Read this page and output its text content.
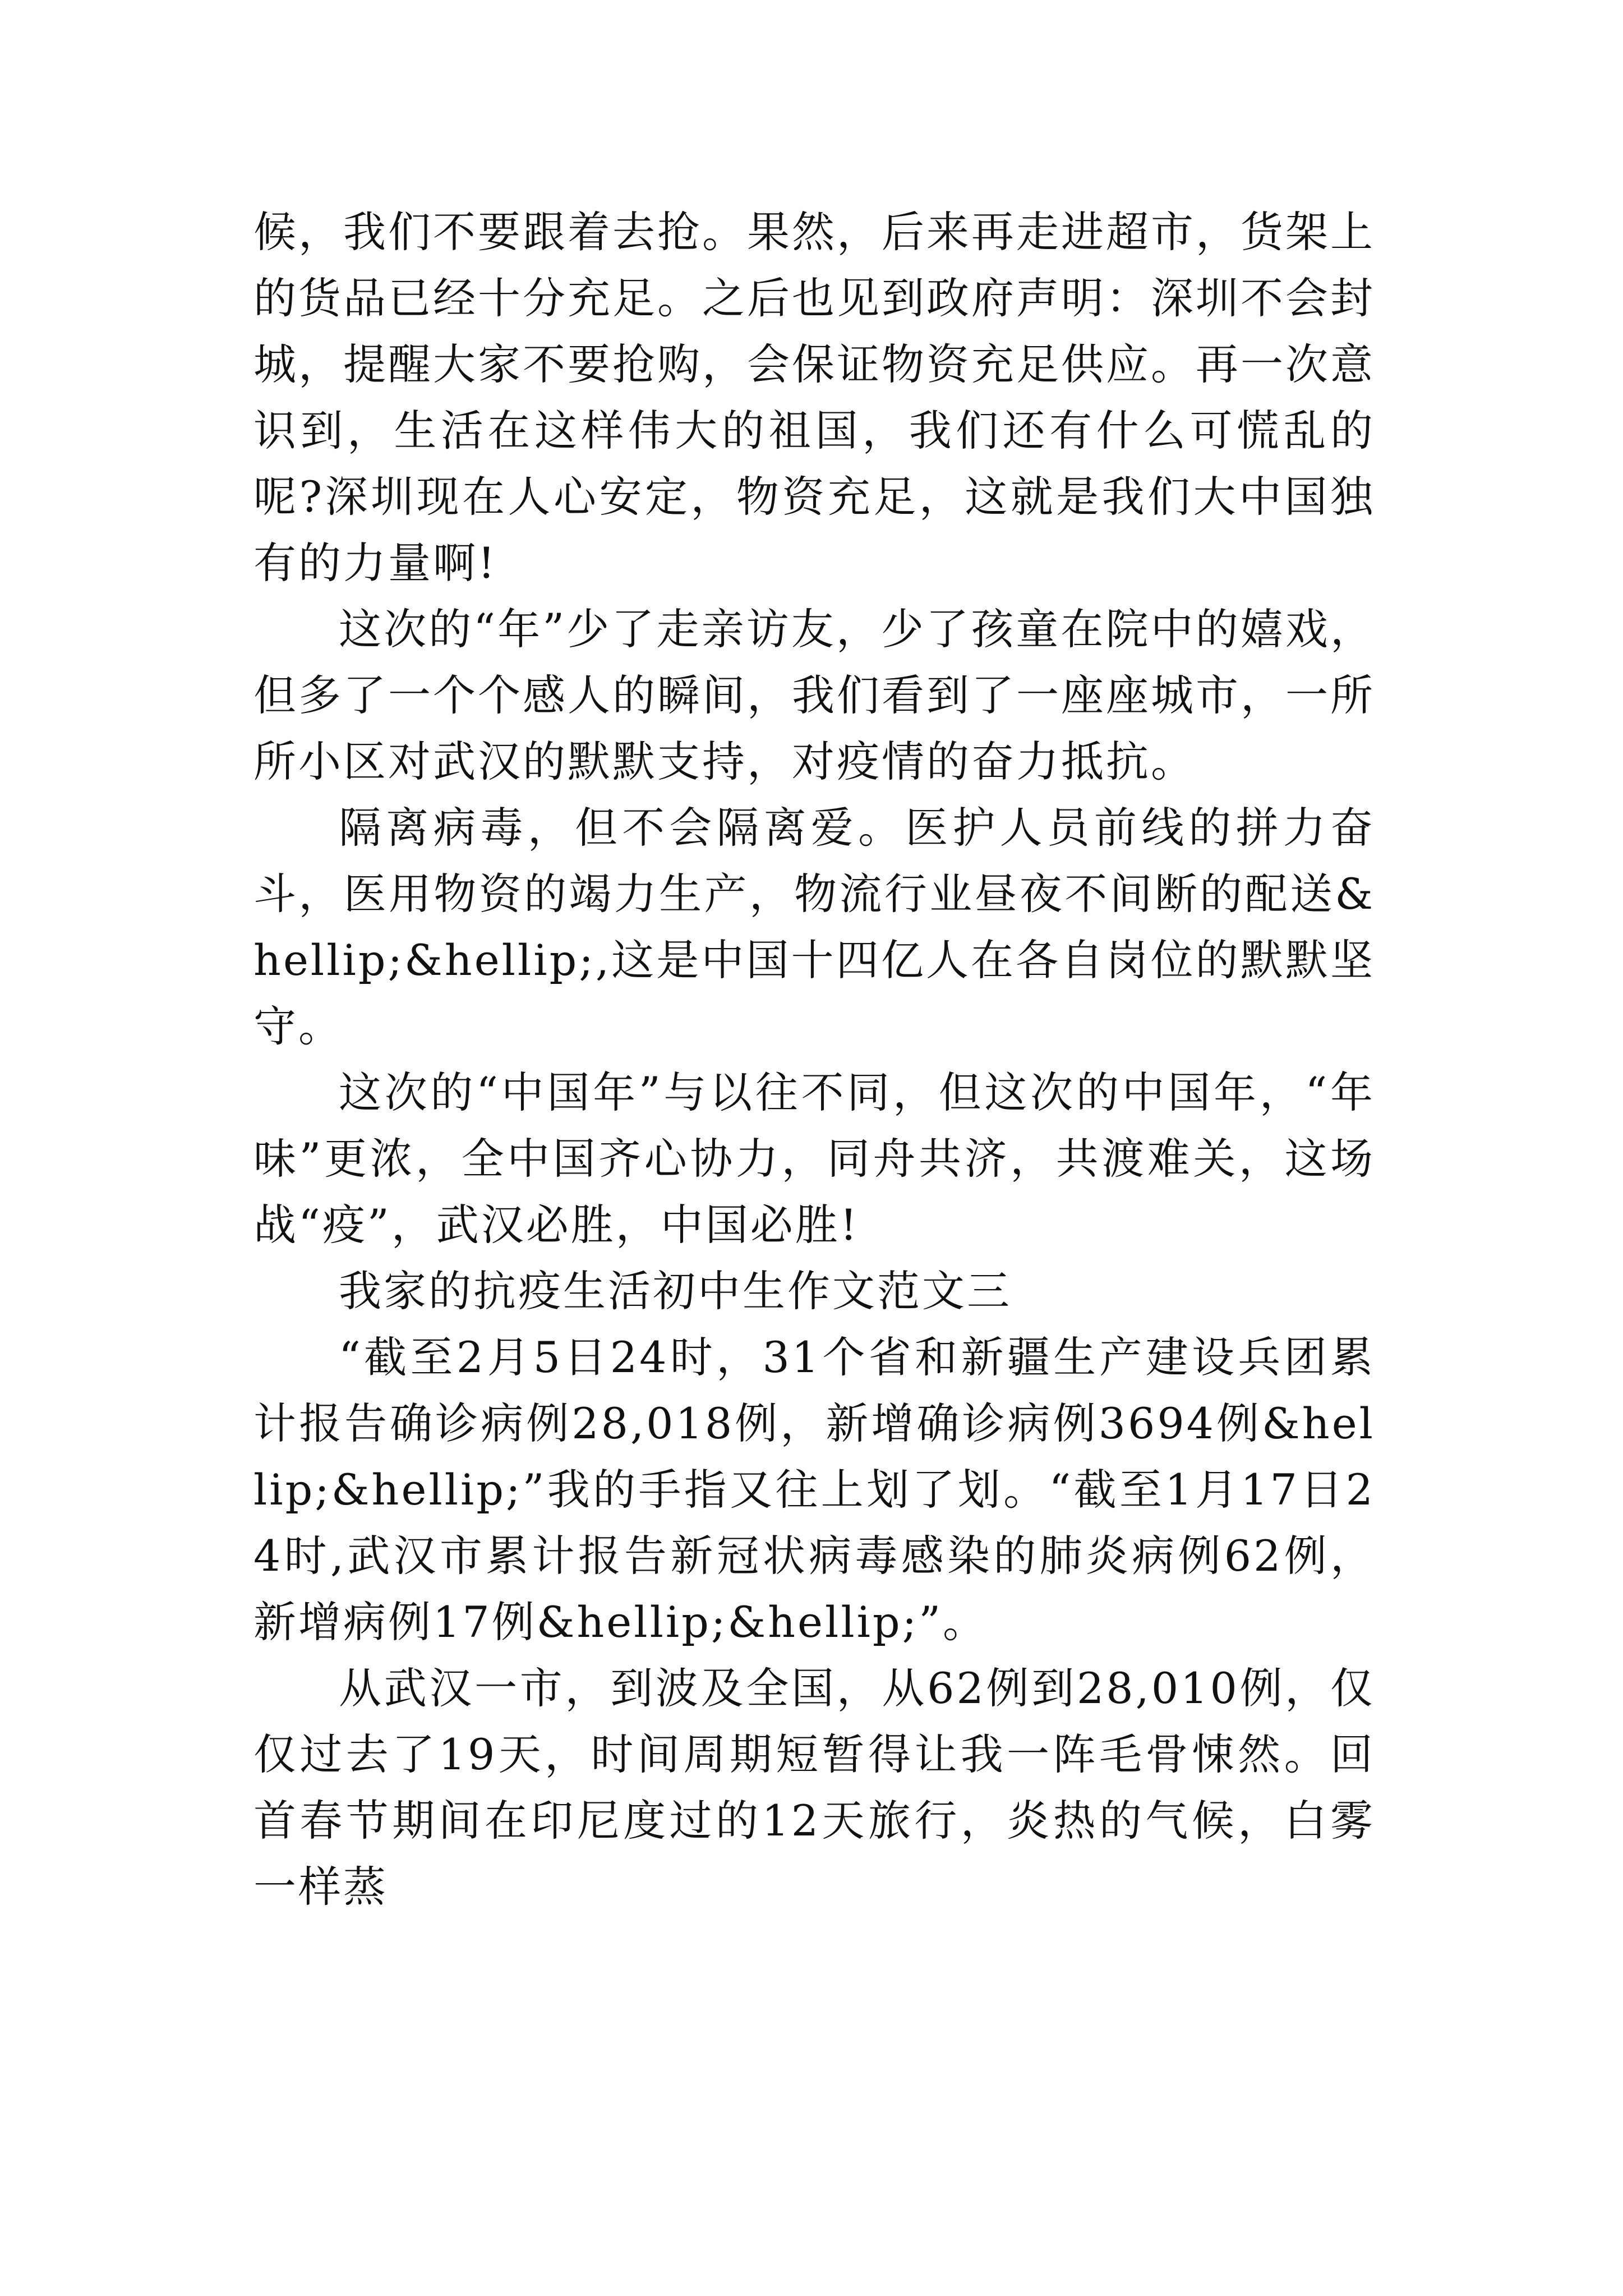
候，我们不要跟着去抢。果然，后来再走进超市，货架上的货品已经十分充足。之后也见到政府声明：深圳不会封城，提醒大家不要抢购，会保证物资充足供应。再一次意识到，生活在这样伟大的祖国，我们还有什么可慌乱的呢?深圳现在人心安定，物资充足，这就是我们大中国独有的力量啊!

这次的“年”少了走亲访友，少了孩童在院中的嬉戏，但多了一个个感人的瞬间，我们看到了一座座城市，一所所小区对武汉的默默支持，对疫情的奋力抵抗。

隔离病毒，但不会隔离爱。医护人员前线的拼力奋斗，医用物资的竭力生产，物流行业昼夜不间断的配送&hellip;&hellip;,这是中国十四亿人在各自岗位的默默坚守。

这次的“中国年”与以往不同，但这次的中国年，“年味”更浓，全中国齐心协力，同舟共济，共渡难关，这场战“疫”，武汉必胜，中国必胜!

我家的抗疫生活初中生作文范文三

“截至2月5日24时，31个省和新疆生产建设兵团累计报告确诊病例28,018例，新增确诊病例3694例&hellip;&hellip;”我的手指又往上划了划。“截至1月17日24时,武汉市累计报告新冠状病毒感染的肺炎病例62例，新增病例17例&hellip;&hellip;”。

从武汉一市，到波及全国，从62例到28,010例，仅仅过去了19天，时间周期短暂得让我一阵毛骨悚然。回首春节期间在印尼度过的12天旅行，炎热的气候，白雾一样蒸
